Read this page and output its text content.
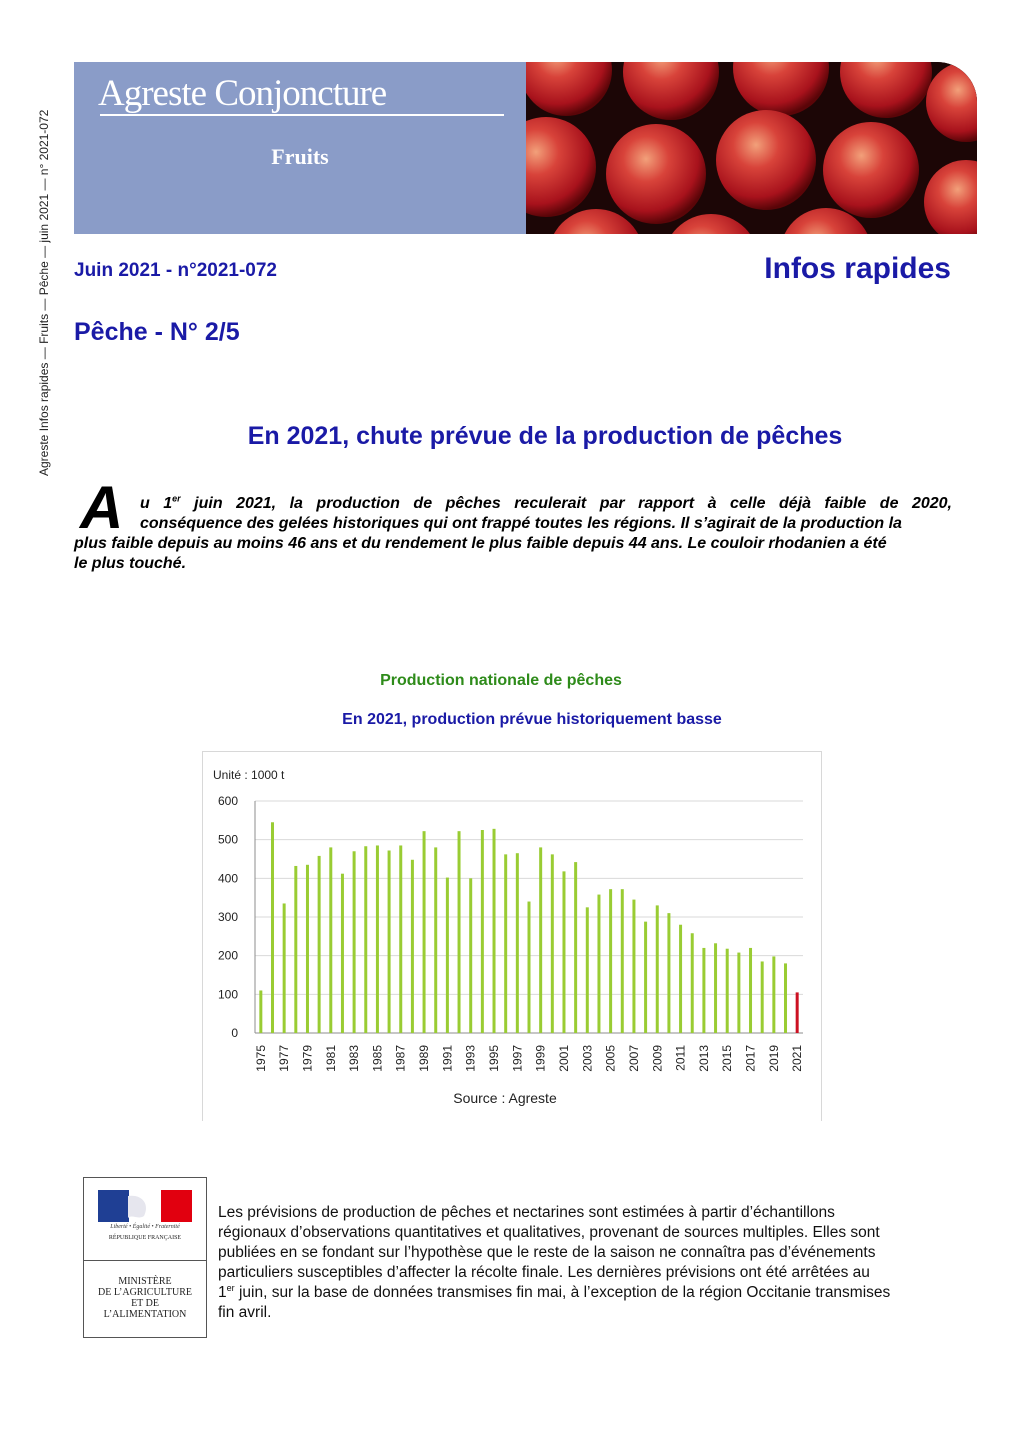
Agreste Infos rapides — Fruits — Pêche — juin 2021 — n° 2021-072
Agreste Conjoncture
Fruits
Juin 2021 - n°2021-072	Infos rapides
Pêche - N° 2/5
En 2021, chute prévue de la production de pêches
A	u 1er juin 2021, la production de pêches reculerait par rapport à celle déjà faible de 2020,
conséquence des gelées historiques qui ont frappé toutes les régions. Il s’agirait de la production la
plus faible depuis au moins 46 ans et du rendement le plus faible depuis 44 ans. Le couloir rhodanien a été
le plus touché.
Production nationale de pêches
En 2021, production prévue historiquement basse
Unité : 1000 t
0
100
200
300
400
500
600
1975 1977 1979 1981 1983 1985 1987 1989 1991 1993 1995 1997 1999 2001 2003 2005 2007 2009 2011 2013 2015 2017 2019 2021
Source : Agreste
Liberté • Égalité • Fraternité
RÉPUBLIQUE FRANÇAISE
MINISTÈRE
DE L’AGRICULTURE
ET DE
L’ALIMENTATION
Les prévisions de production de pêches et nectarines sont estimées à partir d’échantillons
régionaux d’observations quantitatives et qualitatives, provenant de sources multiples. Elles sont
publiées en se fondant sur l’hypothèse que le reste de la saison ne connaîtra pas d’événements
particuliers susceptibles d’affecter la récolte finale. Les dernières prévisions ont été arrêtées au
1er juin, sur la base de données transmises fin mai, à l’exception de la région Occitanie transmises
fin avril.
